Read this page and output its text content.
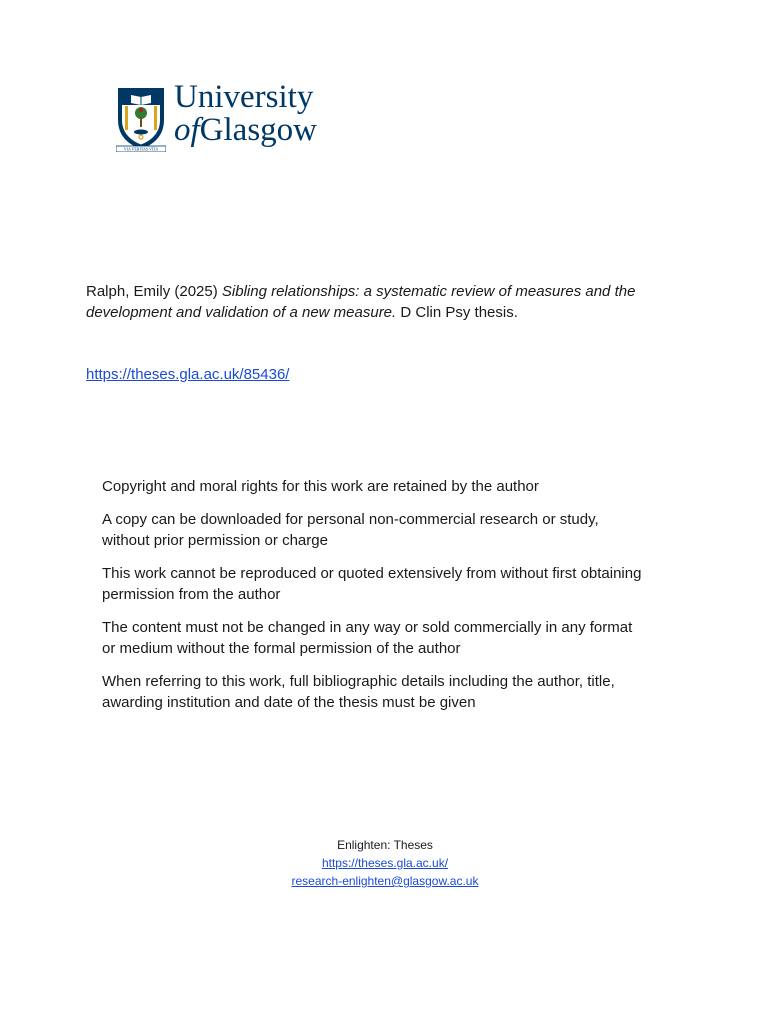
VIA VERITAS VITA
University
ofGlasgow
Ralph, Emily (2025) Sibling relationships: a systematic review of measures and the development and validation of a new measure. D Clin Psy thesis.
https://theses.gla.ac.uk/85436/

Copyright and moral rights for this work are retained by the author

A copy can be downloaded for personal non-commercial research or study, without prior permission or charge

This work cannot be reproduced or quoted extensively from without first obtaining permission from the author

The content must not be changed in any way or sold commercially in any format or medium without the formal permission of the author

When referring to this work, full bibliographic details including the author, title, awarding institution and date of the thesis must be given

Enlighten: Theses
https://theses.gla.ac.uk/
research-enlighten@glasgow.ac.uk
